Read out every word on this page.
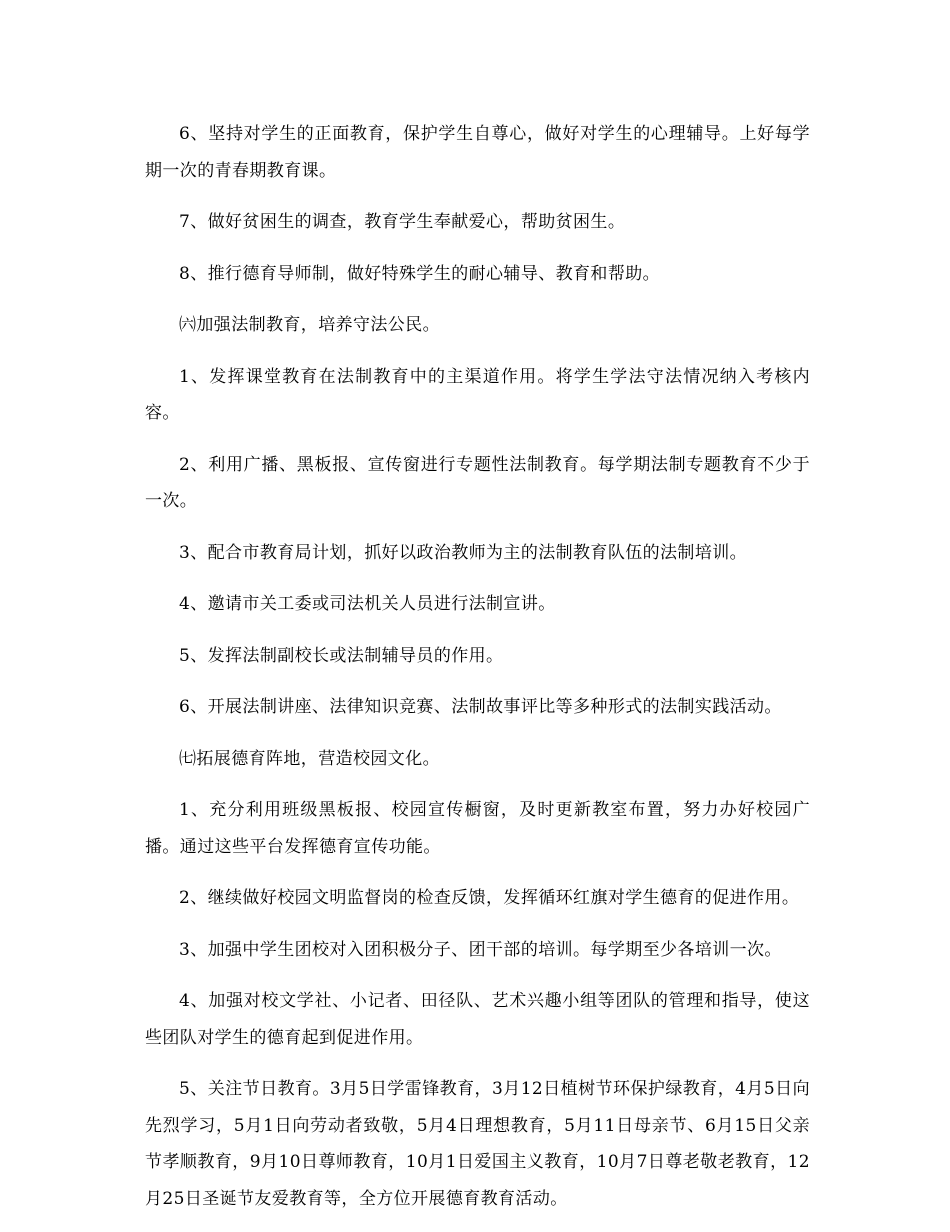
6、坚持对学生的正面教育，保护学生自尊心，做好对学生的心理辅导。上好每学期一次的青春期教育课。

7、做好贫困生的调查，教育学生奉献爱心，帮助贫困生。

8、推行德育导师制，做好特殊学生的耐心辅导、教育和帮助。

㈥加强法制教育，培养守法公民。

1、发挥课堂教育在法制教育中的主渠道作用。将学生学法守法情况纳入考核内容。

2、利用广播、黑板报、宣传窗进行专题性法制教育。每学期法制专题教育不少于一次。

3、配合市教育局计划，抓好以政治教师为主的法制教育队伍的法制培训。

4、邀请市关工委或司法机关人员进行法制宣讲。

5、发挥法制副校长或法制辅导员的作用。

6、开展法制讲座、法律知识竞赛、法制故事评比等多种形式的法制实践活动。

㈦拓展德育阵地，营造校园文化。

1、充分利用班级黑板报、校园宣传橱窗，及时更新教室布置，努力办好校园广播。通过这些平台发挥德育宣传功能。

2、继续做好校园文明监督岗的检查反馈，发挥循环红旗对学生德育的促进作用。

3、加强中学生团校对入团积极分子、团干部的培训。每学期至少各培训一次。

4、加强对校文学社、小记者、田径队、艺术兴趣小组等团队的管理和指导，使这些团队对学生的德育起到促进作用。

5、关注节日教育。3月5日学雷锋教育，3月12日植树节环保护绿教育，4月5日向先烈学习，5月1日向劳动者致敬，5月4日理想教育，5月11日母亲节、6月15日父亲节孝顺教育，9月10日尊师教育，10月1日爱国主义教育，10月7日尊老敬老教育，12月25日圣诞节友爱教育等，全方位开展德育教育活动。
